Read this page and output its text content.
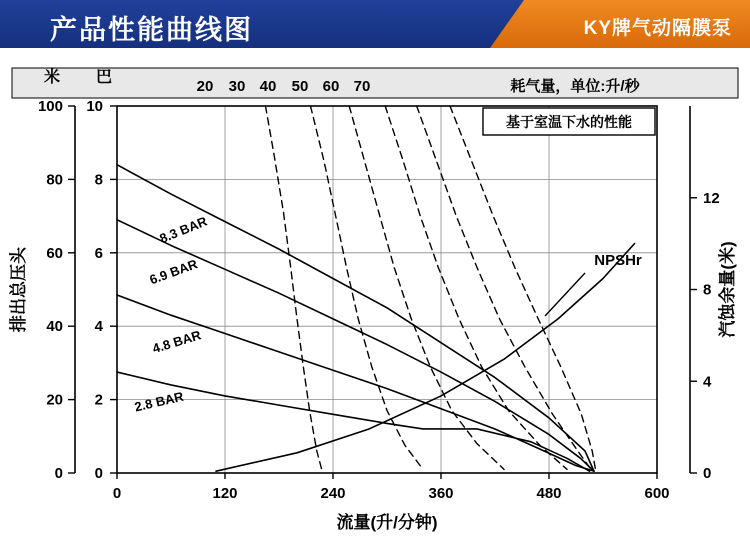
产品性能曲线图	KY牌气动隔膜泵
8.3 BAR
6.9 BAR
4.8 BAR
2.8 BAR
NPSHr
20 30 40 50 60 70	耗气量，单位:升/秒
基于室温下水的性能
0	120	240	360	480	600
流量(升/分钟)
0
2
4
6
8
10
0
20
40
60
80
100
米 巴
排出总压头
0
4
8
12
汽蚀余量(米)
